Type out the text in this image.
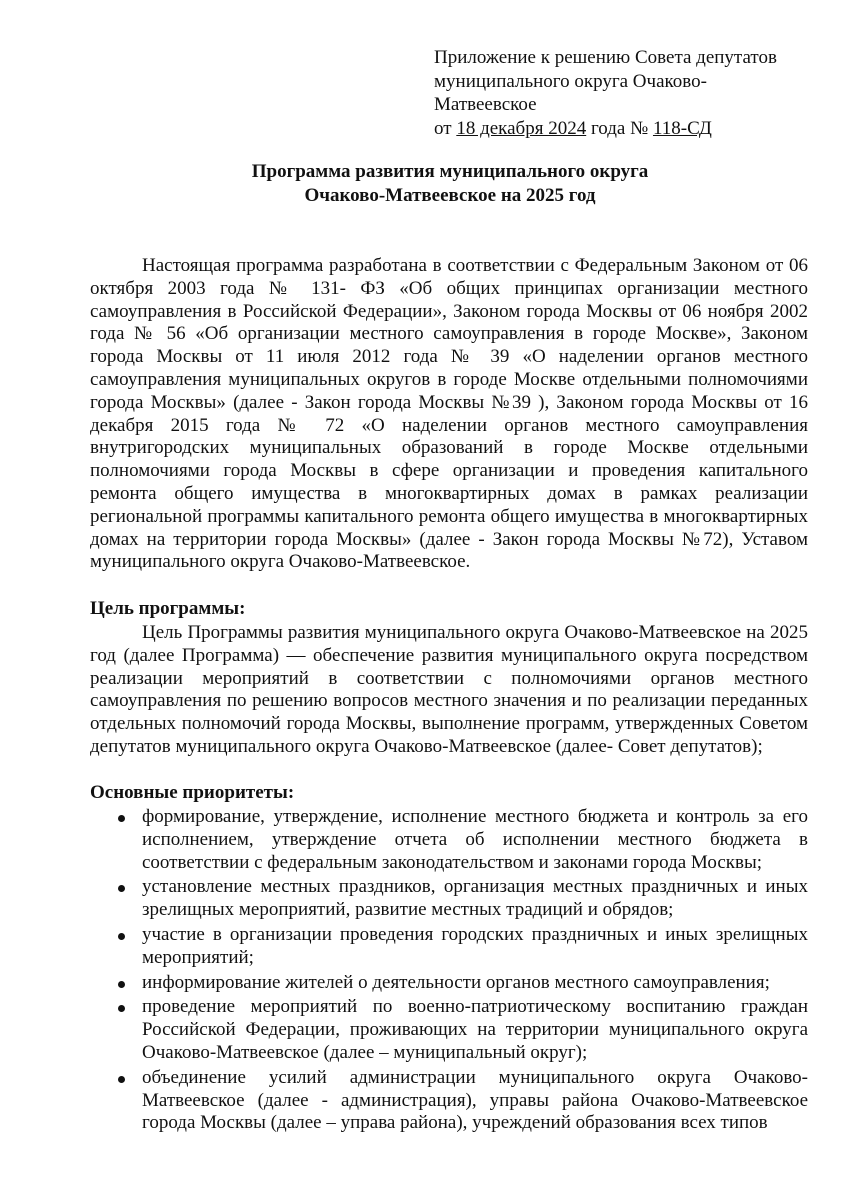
Приложение к решению Совета депутатов
муниципального округа Очаково-
Матвеевское
от 18 декабря 2024 года № 118-СД
Программа развития муниципального округа
Очаково-Матвеевское на 2025 год
Настоящая программа разработана в соответствии с Федеральным Законом от 06 октября 2003 года № 131- ФЗ «Об общих принципах организации местного самоуправления в Российской Федерации», Законом города Москвы от 06 ноября 2002 года № 56 «Об организации местного самоуправления в городе Москве», Законом города Москвы от 11 июля 2012 года № 39 «О наделении органов местного самоуправления муниципальных округов в городе Москве отдельными полномочиями города Москвы» (далее - Закон города Москвы №39 ), Законом города Москвы от 16 декабря 2015 года № 72 «О наделении органов местного самоуправления внутригородских муниципальных образований в городе Москве отдельными полномочиями города Москвы в сфере организации и проведения капитального ремонта общего имущества в многоквартирных домах в рамках реализации региональной программы капитального ремонта общего имущества в многоквартирных домах на территории города Москвы» (далее - Закон города Москвы №72), Уставом муниципального округа Очаково-Матвеевское.
Цель программы:
Цель Программы развития муниципального округа Очаково-Матвеевское на 2025 год (далее Программа) — обеспечение развития муниципального округа посредством реализации мероприятий в соответствии с полномочиями органов местного самоуправления по решению вопросов местного значения и по реализации переданных отдельных полномочий города Москвы, выполнение программ, утвержденных Советом депутатов муниципального округа Очаково-Матвеевское (далее- Совет депутатов);
Основные приоритеты:
формирование, утверждение, исполнение местного бюджета и контроль за его исполнением, утверждение отчета об исполнении местного бюджета в соответствии с федеральным законодательством и законами города Москвы;
установление местных праздников, организация местных праздничных и иных зрелищных мероприятий, развитие местных традиций и обрядов;
участие в организации проведения городских праздничных и иных зрелищных мероприятий;
информирование жителей о деятельности органов местного самоуправления;
проведение мероприятий по военно-патриотическому воспитанию граждан Российской Федерации, проживающих на территории муниципального округа Очаково-Матвеевское (далее – муниципальный округ);
объединение усилий администрации муниципального округа Очаково-Матвеевское (далее - администрация), управы района Очаково-Матвеевское города Москвы (далее – управа района), учреждений образования всех типов
